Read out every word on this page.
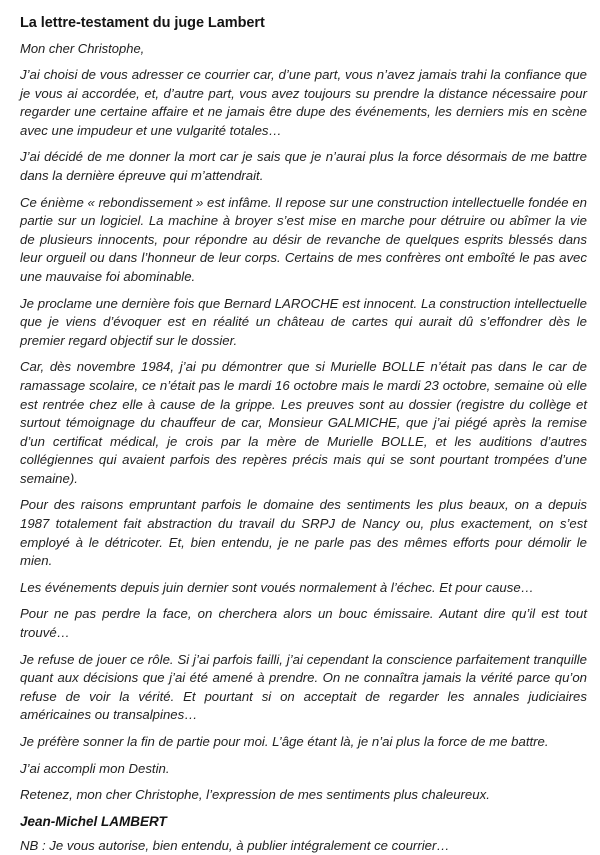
La lettre-testament du juge Lambert

Mon cher Christophe,

J’ai choisi de vous adresser ce courrier car, d’une part, vous n’avez jamais trahi la confiance que je vous ai accordée, et, d’autre part, vous avez toujours su prendre la distance nécessaire pour regarder une certaine affaire et ne jamais être dupe des événements, les derniers mis en scène avec une impudeur et une vulgarité totales…

J’ai décidé de me donner la mort car je sais que je n’aurai plus la force désormais de me battre dans la dernière épreuve qui m’attendrait.

Ce énième « rebondissement » est infâme. Il repose sur une construction intellectuelle fondée en partie sur un logiciel. La machine à broyer s’est mise en marche pour détruire ou abîmer la vie de plusieurs innocents, pour répondre au désir de revanche de quelques esprits blessés dans leur orgueil ou dans l’honneur de leur corps. Certains de mes confrères ont emboîté le pas avec une mauvaise foi abominable.

Je proclame une dernière fois que Bernard LAROCHE est innocent. La construction intellectuelle que je viens d’évoquer est en réalité un château de cartes qui aurait dû s’effondrer dès le premier regard objectif sur le dossier.

Car, dès novembre 1984, j’ai pu démontrer que si Murielle BOLLE n’était pas dans le car de ramassage scolaire, ce n’était pas le mardi 16 octobre mais le mardi 23 octobre, semaine où elle est rentrée chez elle à cause de la grippe. Les preuves sont au dossier (registre du collège et surtout témoignage du chauffeur de car, Monsieur GALMICHE, que j’ai piégé après la remise d’un certificat médical, je crois par la mère de Murielle BOLLE, et les auditions d’autres collégiennes qui avaient parfois des repères précis mais qui se sont pourtant trompées d’une semaine).

Pour des raisons empruntant parfois le domaine des sentiments les plus beaux, on a depuis 1987 totalement fait abstraction du travail du SRPJ de Nancy ou, plus exactement, on s’est employé à le détricoter. Et, bien entendu, je ne parle pas des mêmes efforts pour démolir le mien.

Les événements depuis juin dernier sont voués normalement à l’échec. Et pour cause…

Pour ne pas perdre la face, on cherchera alors un bouc émissaire. Autant dire qu’il est tout trouvé…

Je refuse de jouer ce rôle. Si j’ai parfois failli, j’ai cependant la conscience parfaitement tranquille quant aux décisions que j’ai été amené à prendre. On ne connaîtra jamais la vérité parce qu’on refuse de voir la vérité. Et pourtant si on acceptait de regarder les annales judiciaires américaines ou transalpines…

Je préfère sonner la fin de partie pour moi. L’âge étant là, je n’ai plus la force de me battre.

J’ai accompli mon Destin.

Retenez, mon cher Christophe, l’expression de mes sentiments plus chaleureux.

Jean-Michel LAMBERT

NB : Je vous autorise, bien entendu, à publier intégralement ce courrier…
